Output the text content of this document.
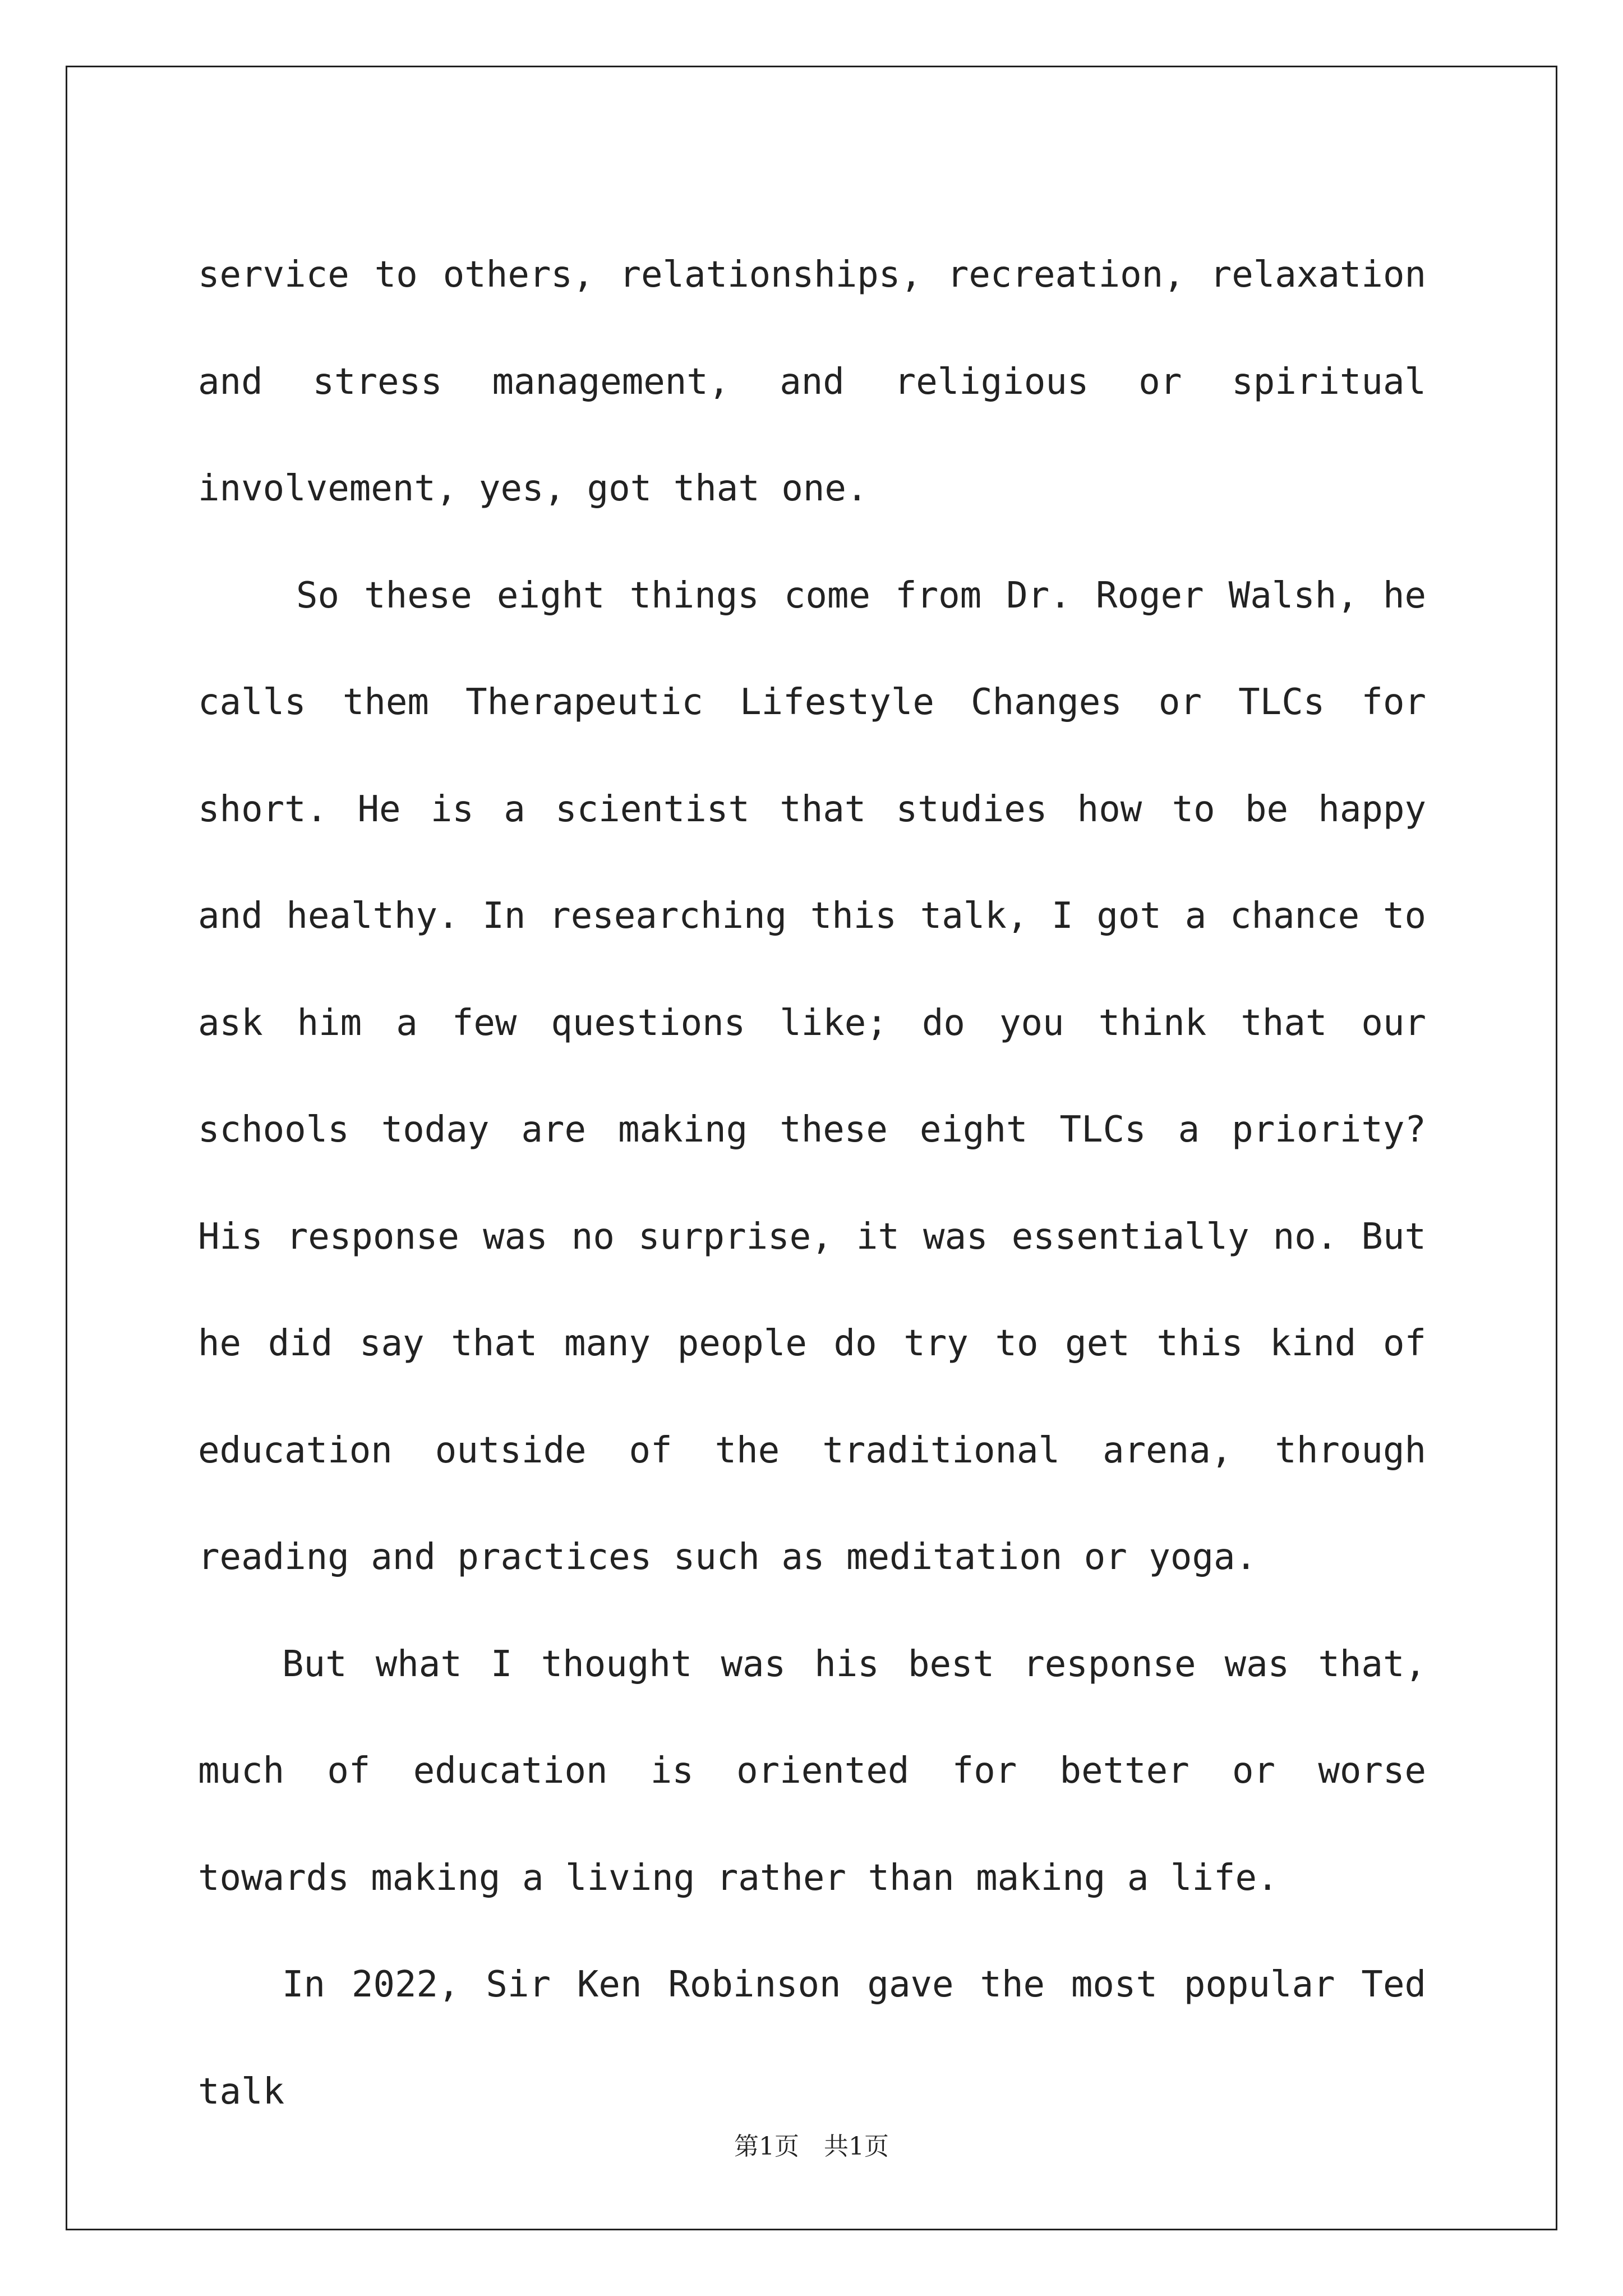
service to others, relationships, recreation, relaxation and stress management, and religious or spiritual involvement, yes, got that one.

So these eight things come from Dr. Roger Walsh, he calls them Therapeutic Lifestyle Changes or TLCs for short. He is a scientist that studies how to be happy and healthy. In researching this talk, I got a chance to ask him a few questions like; do you think that our schools today are making these eight TLCs a priority? His response was no surprise, it was essentially no. But he did say that many people do try to get this kind of education outside of the traditional arena, through reading and practices such as meditation or yoga.

But what I thought was his best response was that, much of education is oriented for better or worse towards making a living rather than making a life.

In 2022, Sir Ken Robinson gave the most popular Ted talk

第1页　共1页
